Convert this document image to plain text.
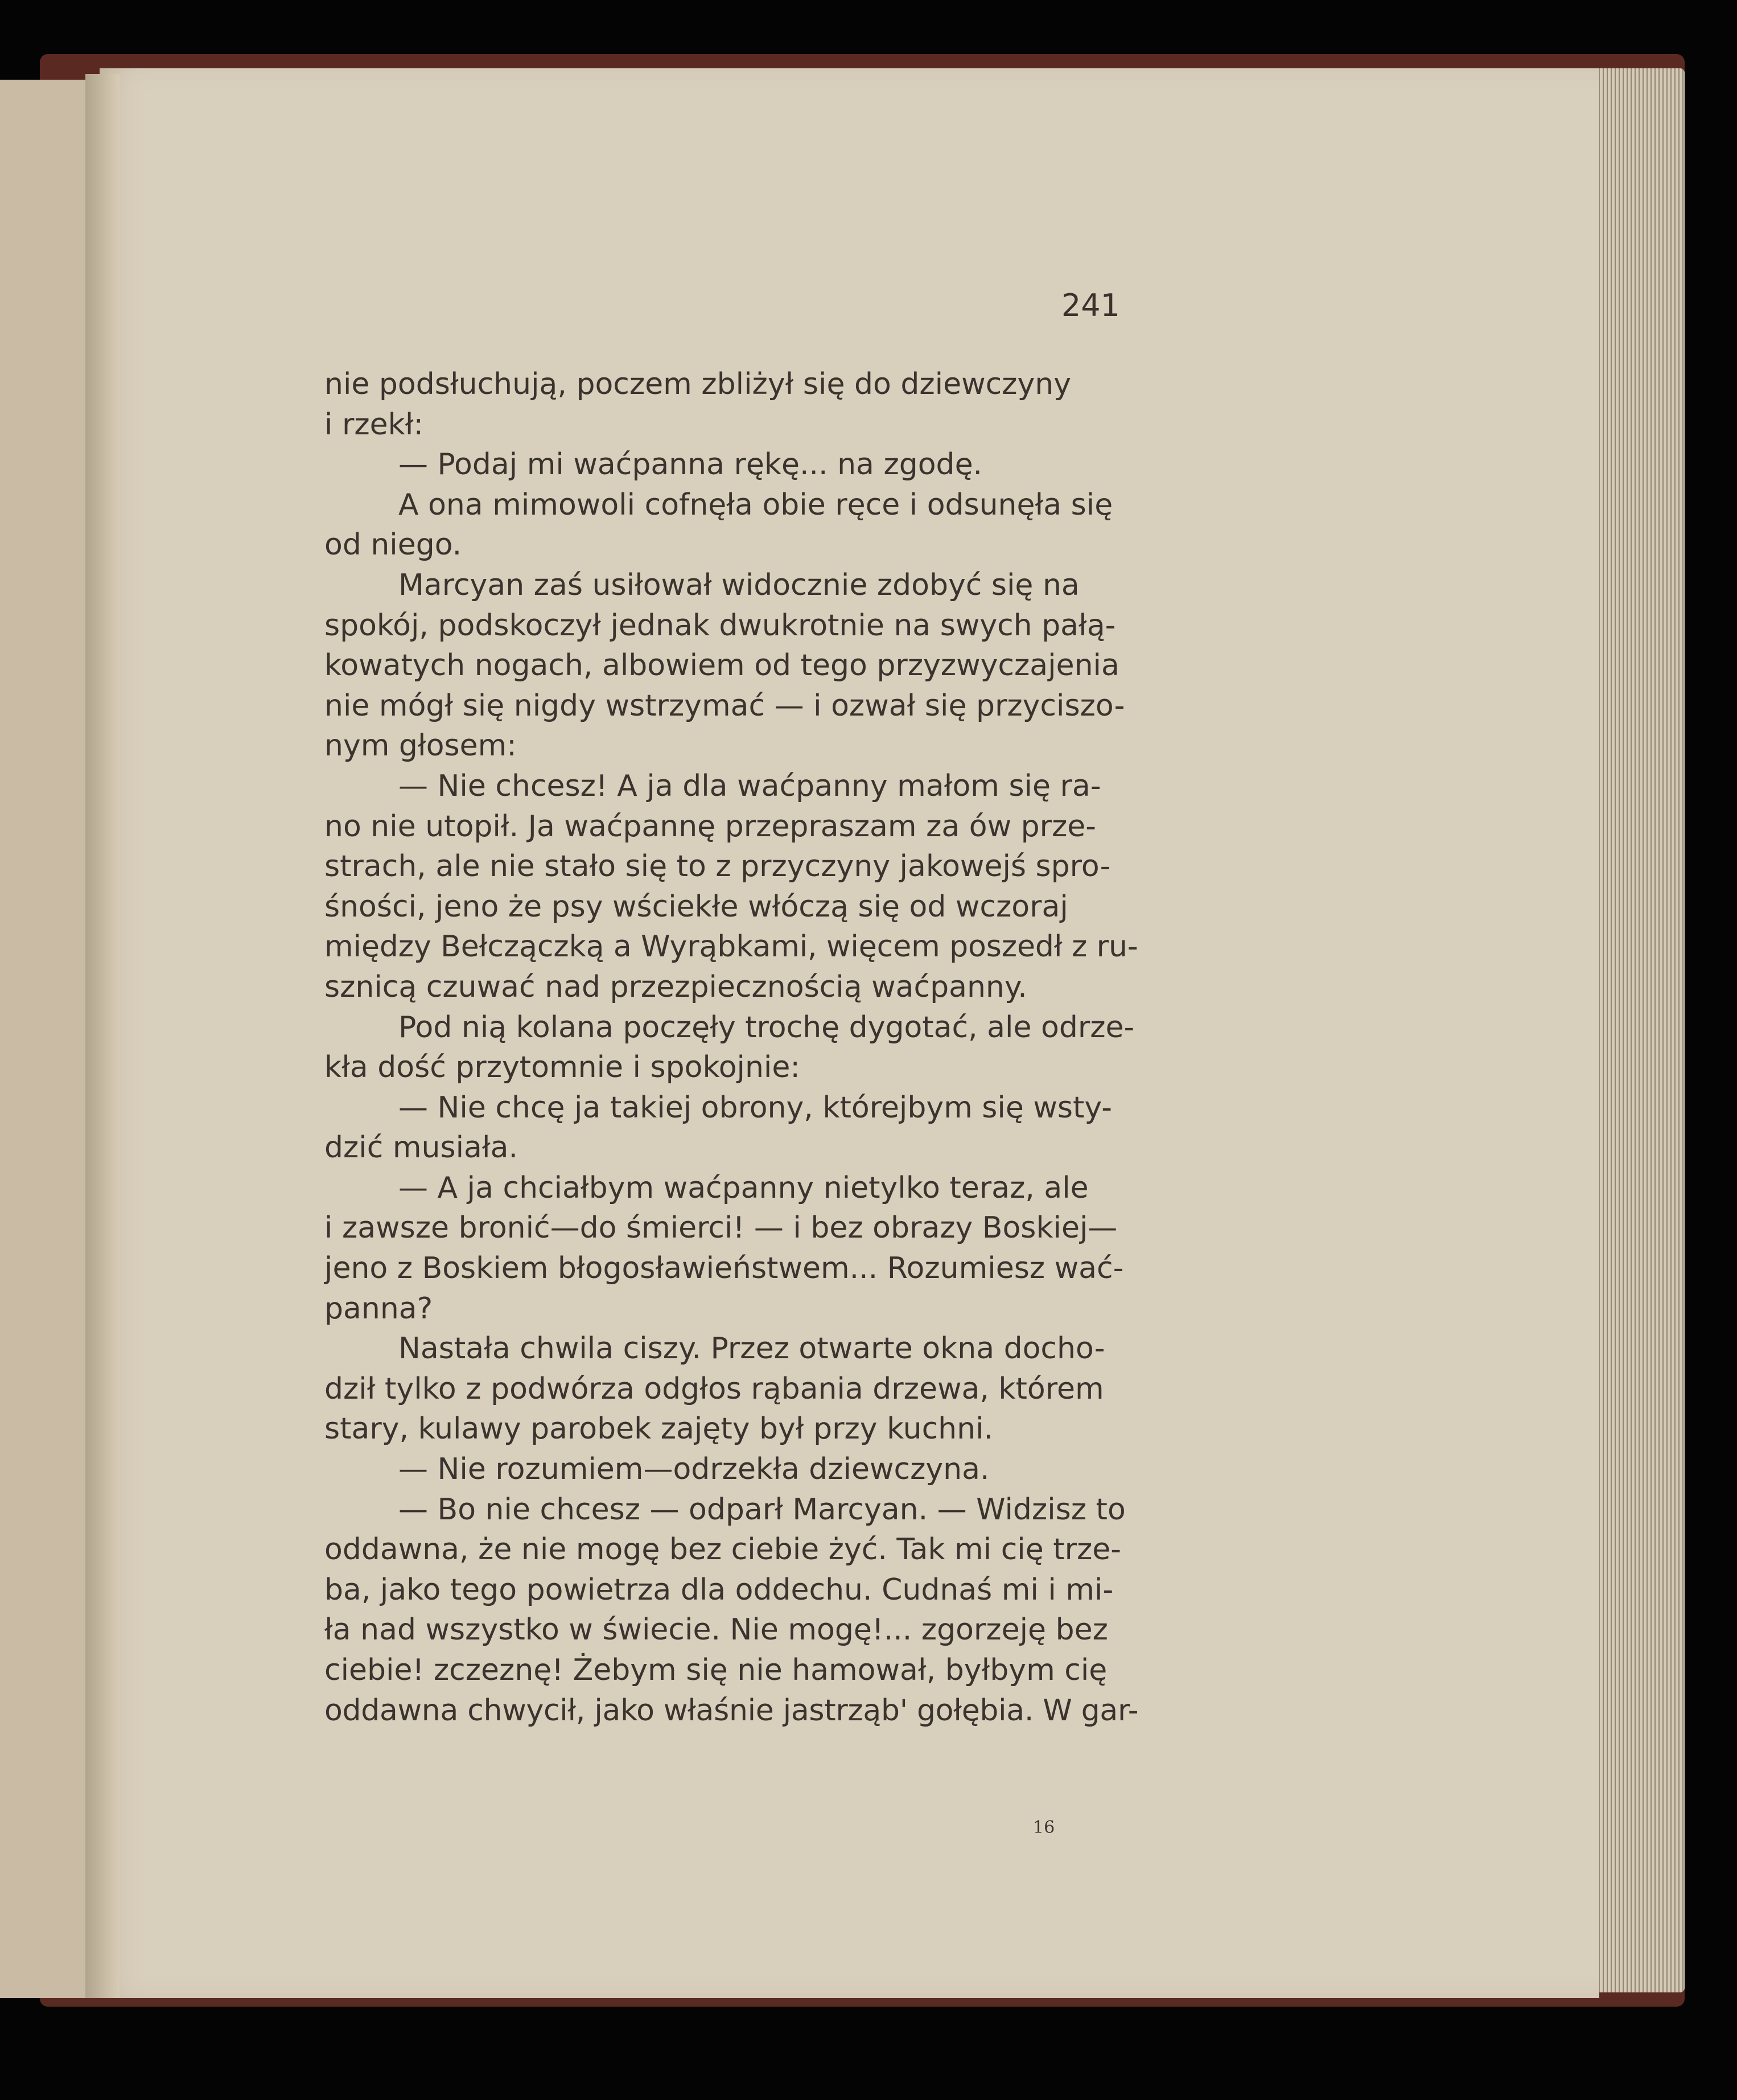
241
nie podsłuchują, poczem zbliżył się do dziewczyny
i rzekł:
— Podaj mi waćpanna rękę... na zgodę.
A ona mimowoli cofnęła obie ręce i odsunęła się
od niego.
Marcyan zaś usiłował widocznie zdobyć się na
spokój, podskoczył jednak dwukrotnie na swych pałą-
kowatych nogach, albowiem od tego przyzwyczajenia
nie mógł się nigdy wstrzymać — i ozwał się przyciszo-
nym głosem:
— Nie chcesz! A ja dla waćpanny małom się ra-
no nie utopił. Ja waćpannę przepraszam za ów prze-
strach, ale nie stało się to z przyczyny jakowejś spro-
śności, jeno że psy wściekłe włóczą się od wczoraj
między Bełczączką a Wyrąbkami, więcem poszedł z ru-
sznicą czuwać nad przezpiecznością waćpanny.
Pod nią kolana poczęły trochę dygotać, ale odrze-
kła dość przytomnie i spokojnie:
— Nie chcę ja takiej obrony, którejbym się wsty-
dzić musiała.
— A ja chciałbym waćpanny nietylko teraz, ale
i zawsze bronić—do śmierci! — i bez obrazy Boskiej—
jeno z Boskiem błogosławieństwem... Rozumiesz wać-
panna?
Nastała chwila ciszy. Przez otwarte okna docho-
dził tylko z podwórza odgłos rąbania drzewa, którem
stary, kulawy parobek zajęty był przy kuchni.
— Nie rozumiem—odrzekła dziewczyna.
— Bo nie chcesz — odparł Marcyan. — Widzisz to
oddawna, że nie mogę bez ciebie żyć. Tak mi cię trze-
ba, jako tego powietrza dla oddechu. Cudnaś mi i mi-
ła nad wszystko w świecie. Nie mogę!... zgorzeję bez
ciebie! zczeznę! Żebym się nie hamował, byłbym cię
oddawna chwycił, jako właśnie jastrząb' gołębia. W gar-
16
